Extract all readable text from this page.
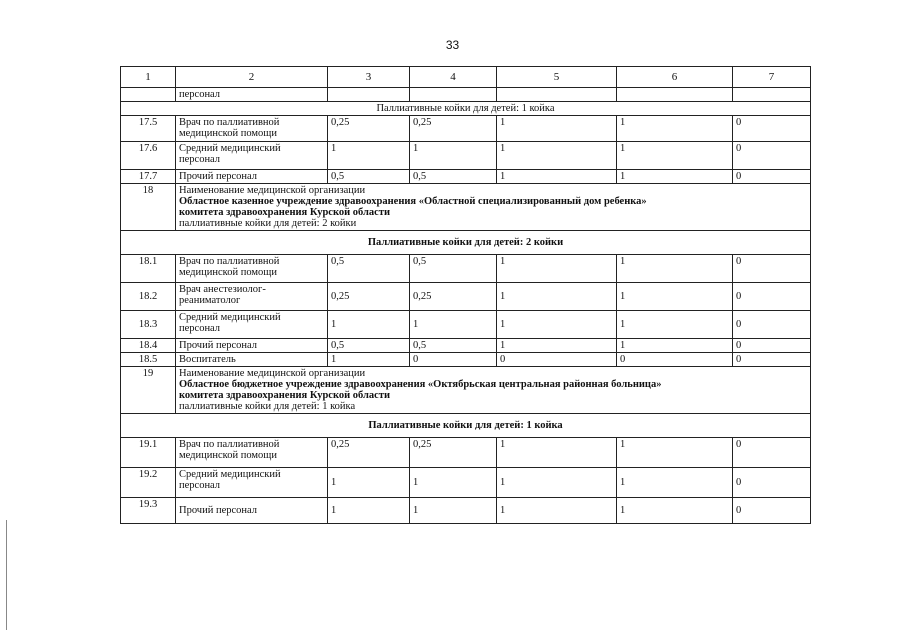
33
1	2	3	4	5	6	7
	персонал					
Паллиативные койки для детей: 1 койка						
17.5	Врач по паллиативной
медицинской помощи	0,25	0,25	1	1	0
17.6	Средний медицинский
персонал	1	1	1	1	0
17.7	Прочий персонал	0,5	0,5	1	1	0
18	Наименование медицинской организации
Областное казенное учреждение здравоохранения «Областной специализированный дом ребенка»
комитета здравоохранения Курской области
паллиативные койки для детей: 2 койки					

Паллиативные койки для детей: 2 койки						
18.1	Врач по паллиативной
медицинской помощи	0,5	0,5	1	1	0
18.2	Врач анестезиолог-
реаниматолог	0,25	0,25	1	1	0
18.3	Средний медицинский
персонал	1	1	1	1	0
18.4	Прочий персонал	0,5	0,5	1	1	0
18.5	Воспитатель	1	0	0	0	0
19	Наименование медицинской организации
Областное бюджетное учреждение здравоохранения «Октябрьская центральная районная больница»
комитета здравоохранения Курской области
паллиативные койки для детей: 1 койка					

Паллиативные койки для детей: 1 койка						
19.1	Врач по паллиативной
медицинской помощи	0,25	0,25	1	1	0
19.2	Средний медицинский
персонал	1	1	1	1	0
19.3	Прочий персонал	1	1	1	1	0
